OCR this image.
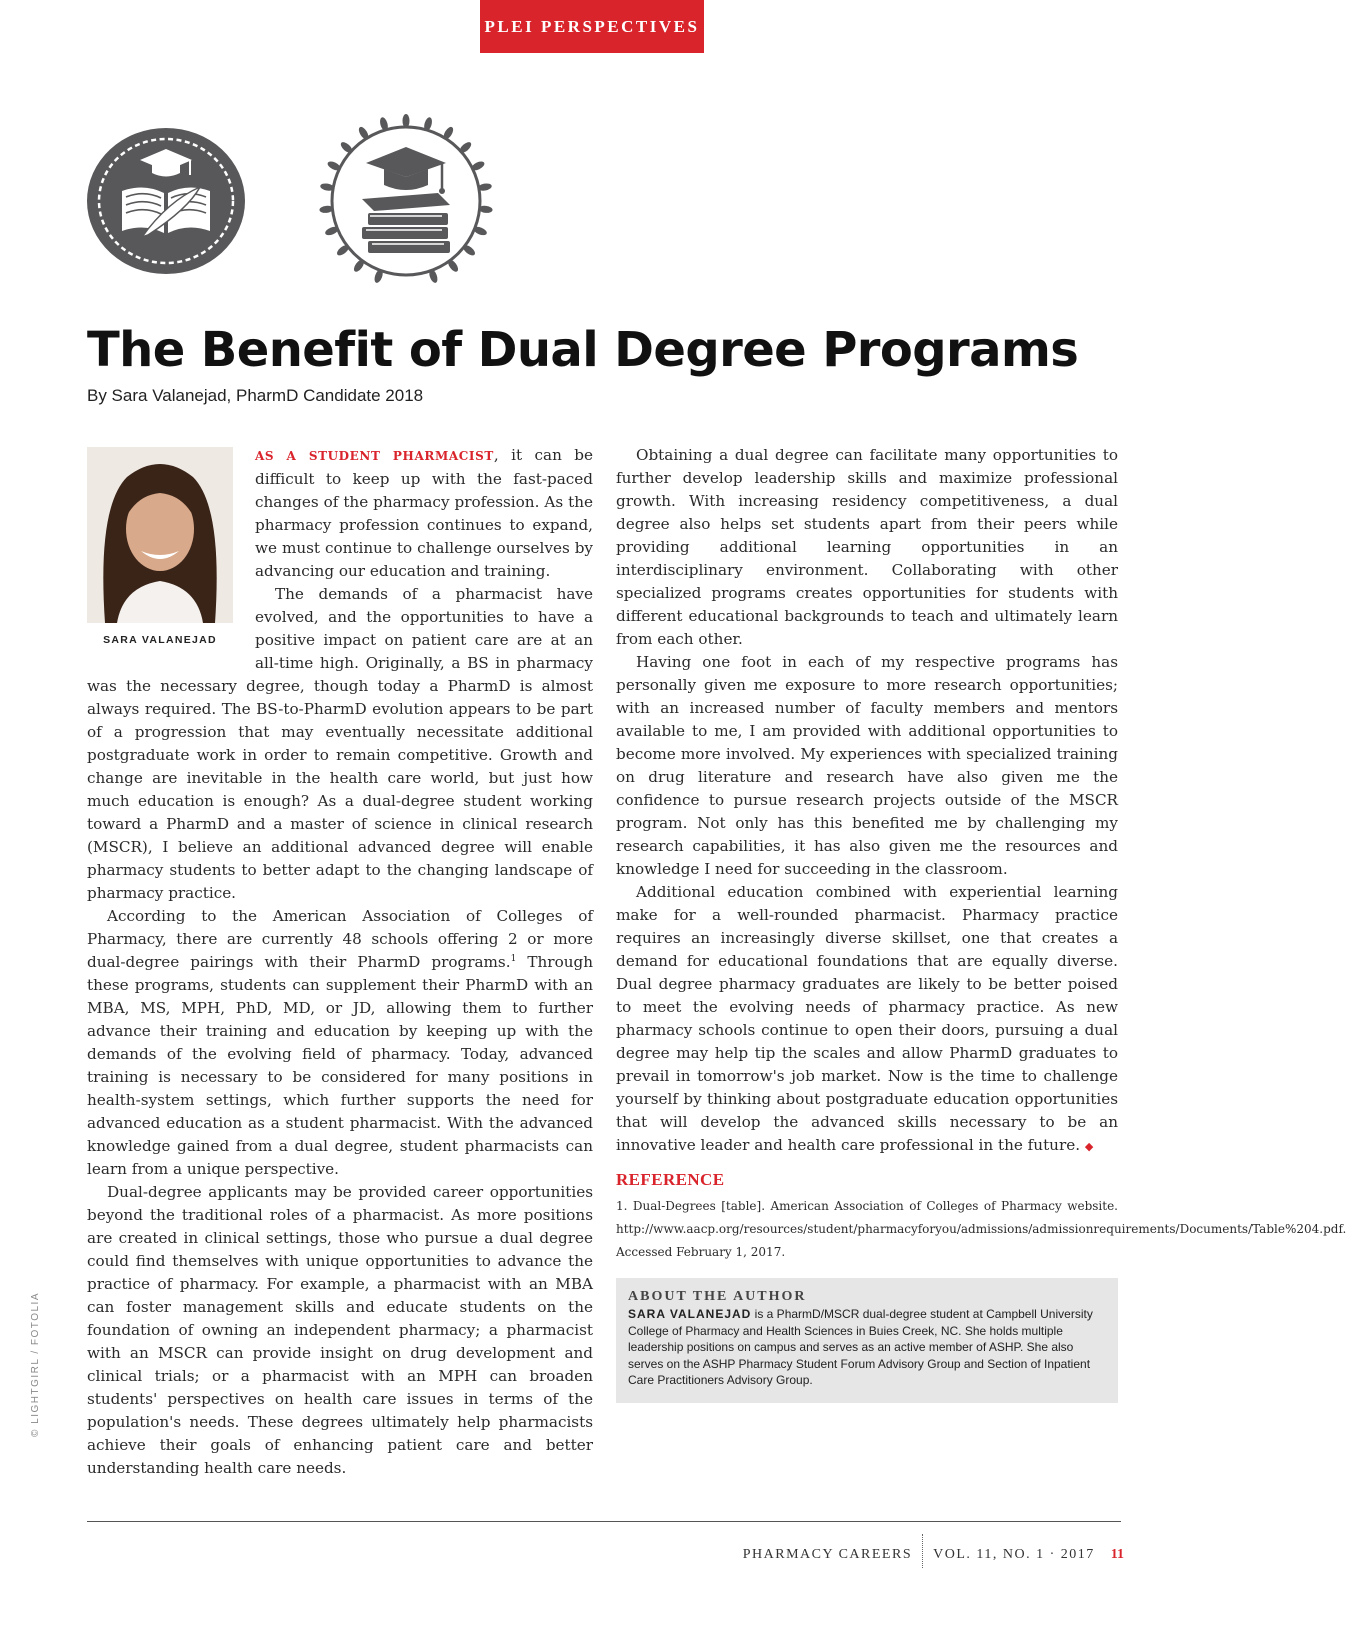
PLEI PERSPECTIVES
The Benefit of Dual Degree Programs
By Sara Valanejad, PharmD Candidate 2018
SARA VALANEJAD

AS A STUDENT PHARMACIST, it can be difficult to keep up with the fast-paced changes of the pharmacy profession. As the pharmacy profession continues to expand, we must continue to challenge ourselves by advancing our education and training.

The demands of a pharmacist have evolved, and the opportunities to have a positive impact on patient care are at an all-time high. Originally, a BS in pharmacy was the necessary degree, though today a PharmD is almost always required. The BS-to-PharmD evolution appears to be part of a progression that may eventually necessitate additional postgraduate work in order to remain competitive. Growth and change are inevitable in the health care world, but just how much education is enough? As a dual-degree student working toward a PharmD and a master of science in clinical research (MSCR), I believe an additional advanced degree will enable pharmacy students to better adapt to the changing landscape of pharmacy practice.

According to the American Association of Colleges of Pharmacy, there are currently 48 schools offering 2 or more dual-degree pairings with their PharmD programs.$^1$ Through these programs, students can supplement their PharmD with an MBA, MS, MPH, PhD, MD, or JD, allowing them to further advance their training and education by keeping up with the demands of the evolving field of pharmacy. Today, advanced training is necessary to be considered for many positions in health-system settings, which further supports the need for advanced education as a student pharmacist. With the advanced knowledge gained from a dual degree, student pharmacists can learn from a unique perspective.

Dual-degree applicants may be provided career opportunities beyond the traditional roles of a pharmacist. As more positions are created in clinical settings, those who pursue a dual degree could find themselves with unique opportunities to advance the practice of pharmacy. For example, a pharmacist with an MBA can foster management skills and educate students on the foundation of owning an independent pharmacy; a pharmacist with an MSCR can provide insight on drug development and clinical trials; or a pharmacist with an MPH can broaden students' perspectives on health care issues in terms of the population's needs. These degrees ultimately help pharmacists achieve their goals of enhancing patient care and better understanding health care needs.

Obtaining a dual degree can facilitate many opportunities to further develop leadership skills and maximize professional growth. With increasing residency competitiveness, a dual degree also helps set students apart from their peers while providing additional learning opportunities in an interdisciplinary environment. Collaborating with other specialized programs creates opportunities for students with different educational backgrounds to teach and ultimately learn from each other.

Having one foot in each of my respective programs has personally given me exposure to more research opportunities; with an increased number of faculty members and mentors available to me, I am provided with additional opportunities to become more involved. My experiences with specialized training on drug literature and research have also given me the confidence to pursue research projects outside of the MSCR program. Not only has this benefited me by challenging my research capabilities, it has also given me the resources and knowledge I need for succeeding in the classroom.

Additional education combined with experiential learning make for a well-rounded pharmacist. Pharmacy practice requires an increasingly diverse skillset, one that creates a demand for educational foundations that are equally diverse. Dual degree pharmacy graduates are likely to be better poised to meet the evolving needs of pharmacy practice. As new pharmacy schools continue to open their doors, pursuing a dual degree may help tip the scales and allow PharmD graduates to prevail in tomorrow's job market. Now is the time to challenge yourself by thinking about postgraduate education opportunities that will develop the advanced skills necessary to be an innovative leader and health care professional in the future. ◆

REFERENCE

1. Dual-Degrees [table]. American Association of Colleges of Pharmacy website. http://www.aacp.org/resources/student/pharmacyforyou/admissions/admissionrequirements/Documents/Table%204.pdf. Accessed February 1, 2017.

ABOUT THE AUTHOR
SARA VALANEJAD is a PharmD/MSCR dual-degree student at Campbell University College of Pharmacy and Health Sciences in Buies Creek, NC. She holds multiple leadership positions on campus and serves as an active member of ASHP. She also serves on the ASHP Pharmacy Student Forum Advisory Group and Section of Inpatient Care Practitioners Advisory Group.
© LIGHTGIRL / FOTOLIA
PHARMACY CAREERS VOL. 11, NO. 1 · 2017 11
